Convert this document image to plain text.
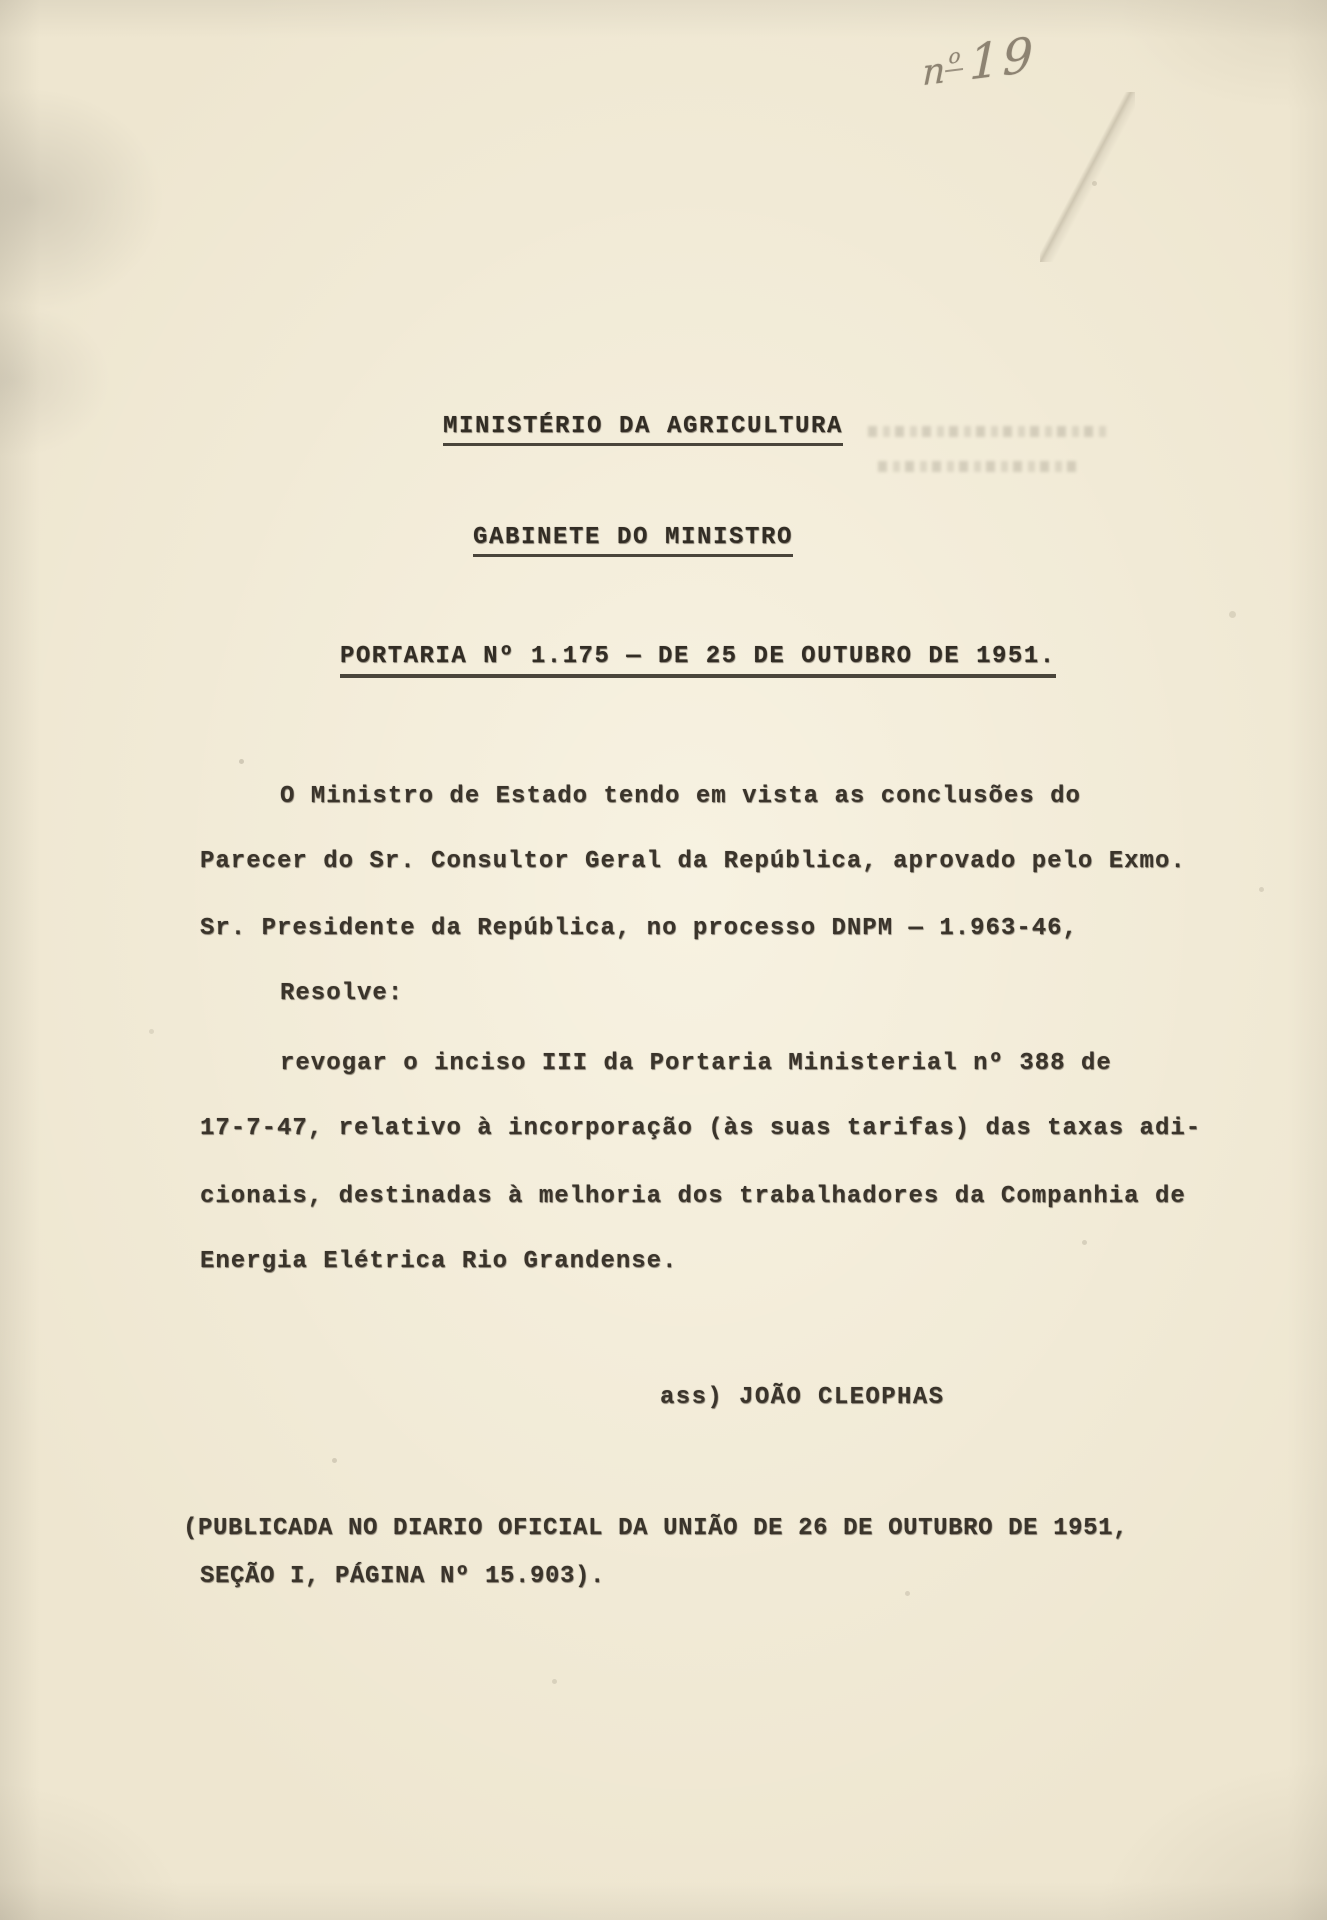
no 19
MINISTÉRIO DA AGRICULTURA
GABINETE DO MINISTRO
PORTARIA Nº 1.175 — DE 25 DE OUTUBRO DE 1951.
O Ministro de Estado tendo em vista as conclusões do
Parecer do Sr. Consultor Geral da República, aprovado pelo Exmo.
Sr. Presidente da República, no processo DNPM — 1.963-46,
Resolve:
revogar o inciso III da Portaria Ministerial nº 388 de
17-7-47, relativo à incorporação (às suas tarifas) das taxas adi-
cionais, destinadas à melhoria dos trabalhadores da Companhia de
Energia Elétrica Rio Grandense.
ass) JOÃO CLEOPHAS
(PUBLICADA NO DIARIO OFICIAL DA UNIÃO DE 26 DE OUTUBRO DE 1951,
SEÇÃO I, PÁGINA Nº 15.903).
